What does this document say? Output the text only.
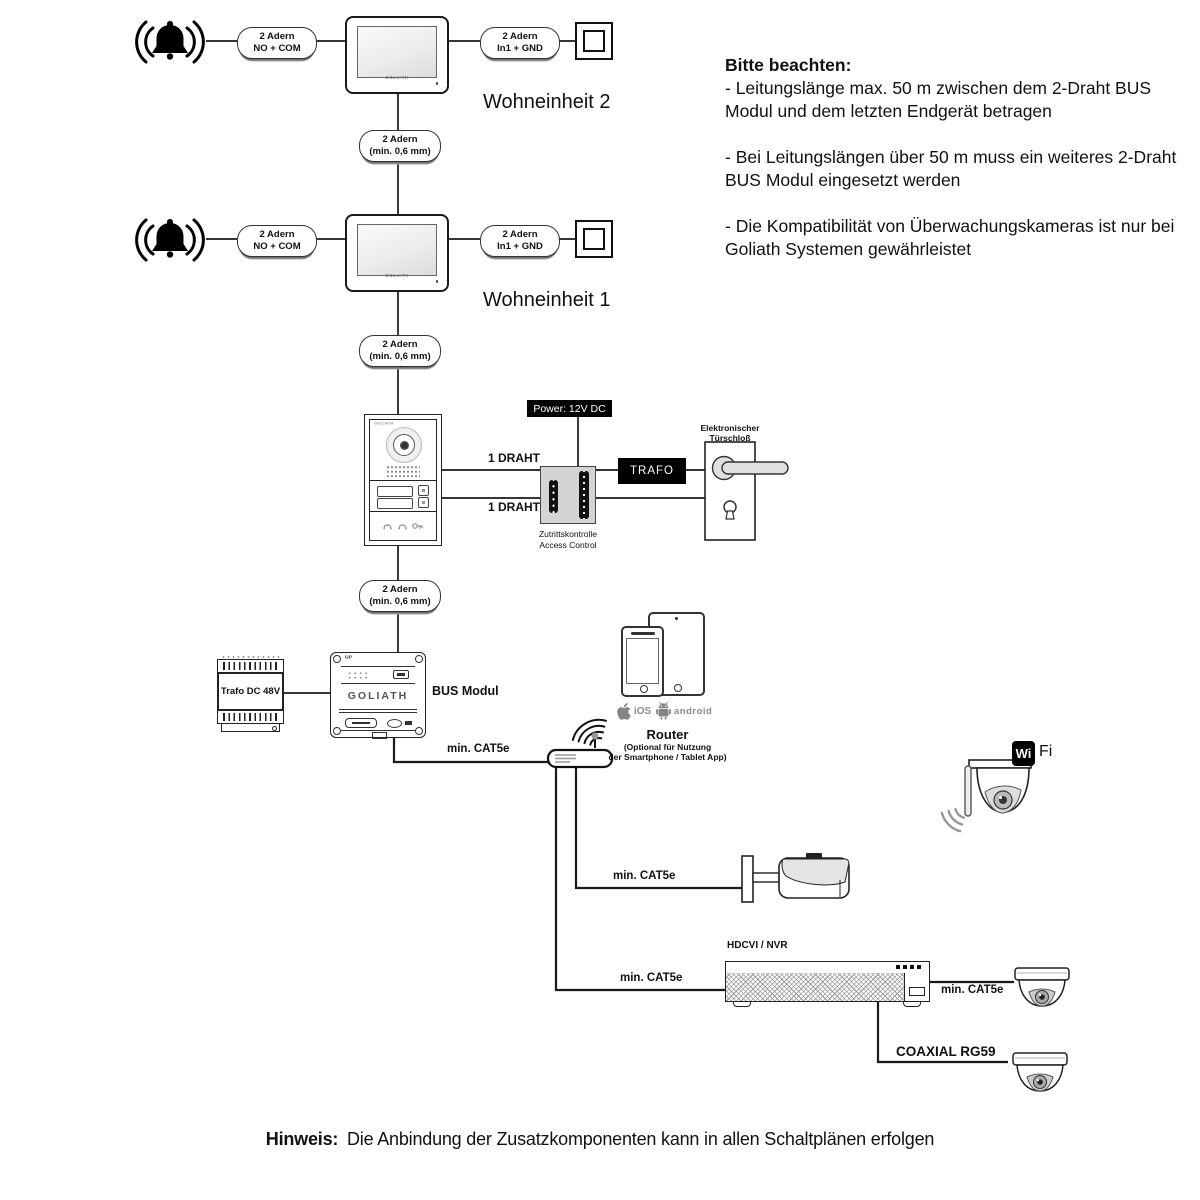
2 Adern
NO + COM
GOLIATH
2 Adern
In1 + GND
Wohneinheit 2
2 Adern
(min. 0,6 mm)
2 Adern
NO + COM
GOLIATH
2 Adern
In1 + GND
Wohneinheit 1
2 Adern
(min. 0,6 mm)
Bitte beachten:

- Leitungslänge max. 50 m zwischen dem 2-Draht BUS Modul und dem letzten Endgerät betragen

- Bei Leitungslängen über 50 m muss ein weiteres 2-Draht BUS Modul eingesetzt werden

- Die Kompatibilität von Überwachungskameras ist nur bei Goliath Systemen gewährleistet

GOLIATH
1 DRAHT
1 DRAHT
Power: 12V DC
Zutrittskontrolle
Access Control
TRAFO
Elektronischer Türschloß
2 Adern
(min. 0,6 mm)
Trafo DC 48V
UP
GOLIATH	BUS Modul
iOS android
Router
(Optional für Nutzung
der Smartphone / Tablet App)
min. CAT5e
min. CAT5e
min. CAT5e
min. CAT5e
Wi Fi
HDCVI / NVR
COAXIAL RG59
Hinweis: Die Anbindung der Zusatzkomponenten kann in allen Schaltplänen erfolgen
